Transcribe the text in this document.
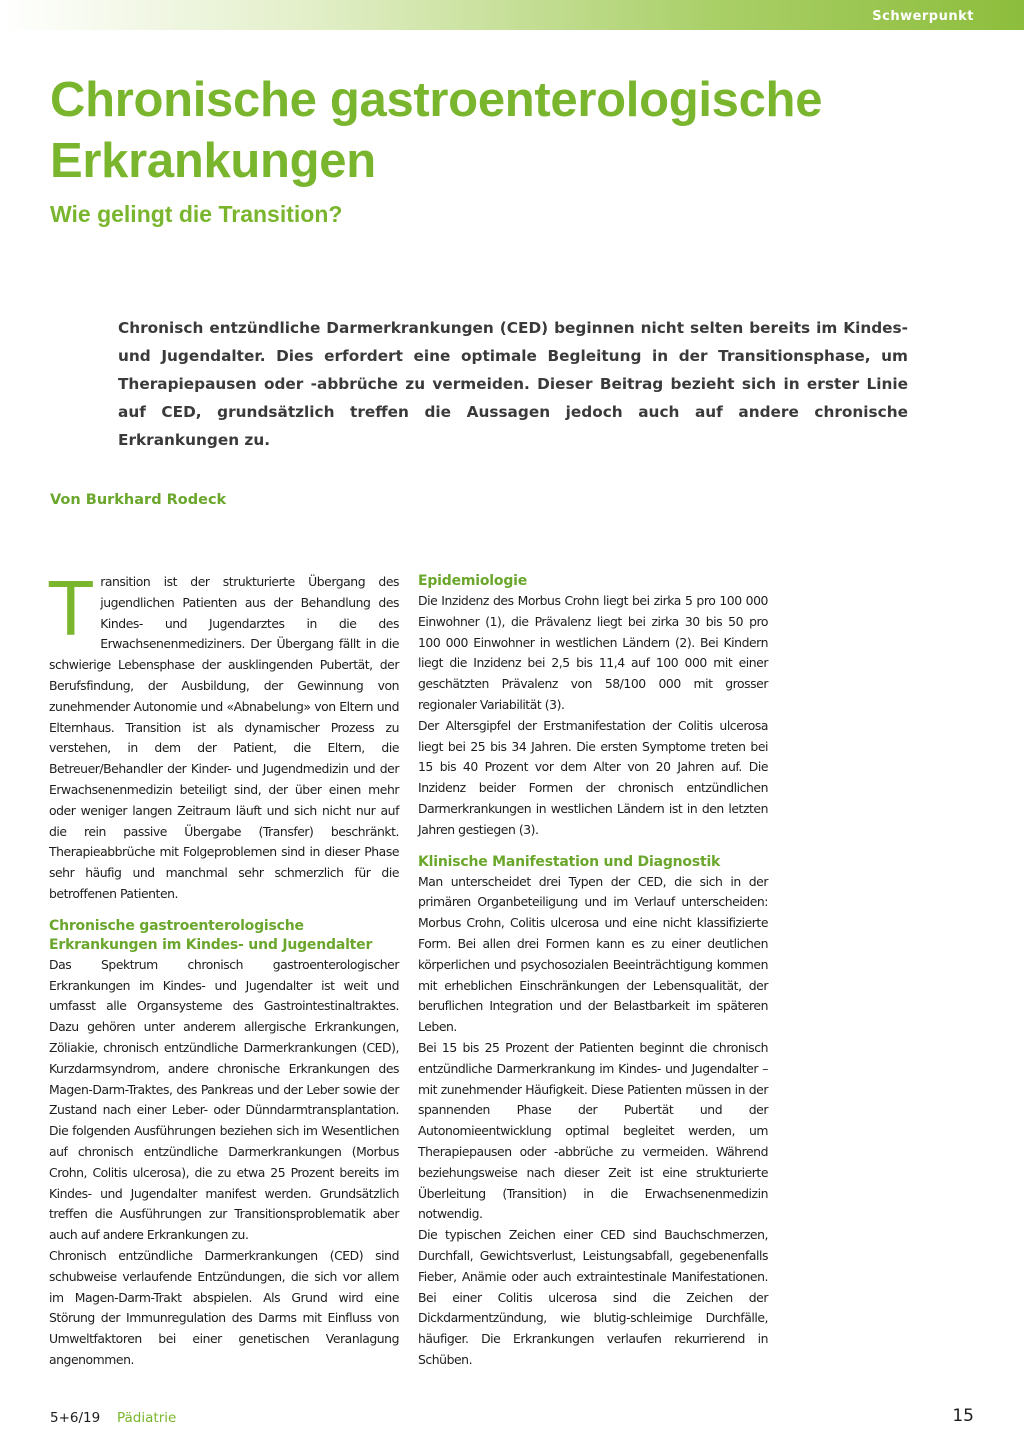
Schwerpunkt
Chronische gastroenterologische Erkrankungen
Wie gelingt die Transition?

Chronisch entzündliche Darmerkrankungen (CED) beginnen nicht selten bereits im Kindes- und Jugendalter. Dies erfordert eine optimale Begleitung in der Transitionsphase, um Therapiepausen oder -abbrüche zu vermeiden. Dieser Beitrag bezieht sich in erster Linie auf CED, grundsätzlich treffen die Aussagen jedoch auch auf andere chronische Erkrankungen zu.

Von Burkhard Rodeck

Transition ist der strukturierte Übergang des jugendlichen Patienten aus der Behandlung des Kindes- und Jugendarztes in die des Erwachsenenmediziners. Der Übergang fällt in die schwierige Lebensphase der ausklingenden Pubertät, der Berufsfindung, der Ausbildung, der Gewinnung von zunehmender Autonomie und «Abnabelung» von Eltern und Elternhaus. Transition ist als dynamischer Prozess zu verstehen, in dem der Patient, die Eltern, die Betreuer/Behandler der Kinder- und Jugendmedizin und der Erwachsenenmedizin beteiligt sind, der über einen mehr oder weniger langen Zeitraum läuft und sich nicht nur auf die rein passive Übergabe (Transfer) beschränkt. Therapieabbrüche mit Folgeproblemen sind in dieser Phase sehr häufig und manchmal sehr schmerzlich für die betroffenen Patienten.

Chronische gastroenterologische Erkrankungen im Kindes- und Jugendalter

Das Spektrum chronisch gastroenterologischer Erkrankungen im Kindes- und Jugendalter ist weit und umfasst alle Organsysteme des Gastrointestinaltraktes. Dazu gehören unter anderem allergische Erkrankungen, Zöliakie, chronisch entzündliche Darmerkrankungen (CED), Kurzdarmsyndrom, andere chronische Erkrankungen des Magen-Darm-Traktes, des Pankreas und der Leber sowie der Zustand nach einer Leber- oder Dünndarmtransplantation. Die folgenden Ausführungen beziehen sich im Wesentlichen auf chronisch entzündliche Darmerkrankungen (Morbus Crohn, Colitis ulcerosa), die zu etwa 25 Prozent bereits im Kindes- und Jugendalter manifest werden. Grundsätzlich treffen die Ausführungen zur Transitionsproblematik aber auch auf andere Erkrankungen zu.

Chronisch entzündliche Darmerkrankungen (CED) sind schubweise verlaufende Entzündungen, die sich vor allem im Magen-Darm-Trakt abspielen. Als Grund wird eine Störung der Immunregulation des Darms mit Einfluss von Umweltfaktoren bei einer genetischen Veranlagung angenommen.

Epidemiologie

Die Inzidenz des Morbus Crohn liegt bei zirka 5 pro 100 000 Einwohner (1), die Prävalenz liegt bei zirka 30 bis 50 pro 100 000 Einwohner in westlichen Ländern (2). Bei Kindern liegt die Inzidenz bei 2,5 bis 11,4 auf 100 000 mit einer geschätzten Prävalenz von 58/100 000 mit grosser regionaler Variabilität (3).

Der Altersgipfel der Erstmanifestation der Colitis ulcerosa liegt bei 25 bis 34 Jahren. Die ersten Symptome treten bei 15 bis 40 Prozent vor dem Alter von 20 Jahren auf. Die Inzidenz beider Formen der chronisch entzündlichen Darmerkrankungen in westlichen Ländern ist in den letzten Jahren gestiegen (3).

Klinische Manifestation und Diagnostik

Man unterscheidet drei Typen der CED, die sich in der primären Organbeteiligung und im Verlauf unterscheiden: Morbus Crohn, Colitis ulcerosa und eine nicht klassifizierte Form. Bei allen drei Formen kann es zu einer deutlichen körperlichen und psychosozialen Beeinträchtigung kommen mit erheblichen Einschränkungen der Lebensqualität, der beruflichen Integration und der Belastbarkeit im späteren Leben.

Bei 15 bis 25 Prozent der Patienten beginnt die chronisch entzündliche Darmerkrankung im Kindes- und Jugendalter – mit zunehmender Häufigkeit. Diese Patienten müssen in der spannenden Phase der Pubertät und der Autonomieentwicklung optimal begleitet werden, um Therapiepausen oder -abbrüche zu vermeiden. Während beziehungsweise nach dieser Zeit ist eine strukturierte Überleitung (Transition) in die Erwachsenenmedizin notwendig.

Die typischen Zeichen einer CED sind Bauchschmerzen, Durchfall, Gewichtsverlust, Leistungsabfall, gegebenenfalls Fieber, Anämie oder auch extraintestinale Manifestationen. Bei einer Colitis ulcerosa sind die Zeichen der Dickdarmentzündung, wie blutig-schleimige Durchfälle, häufiger. Die Erkrankungen verlaufen rekurrierend in Schüben.

5+6/19 Pädiatrie	15
